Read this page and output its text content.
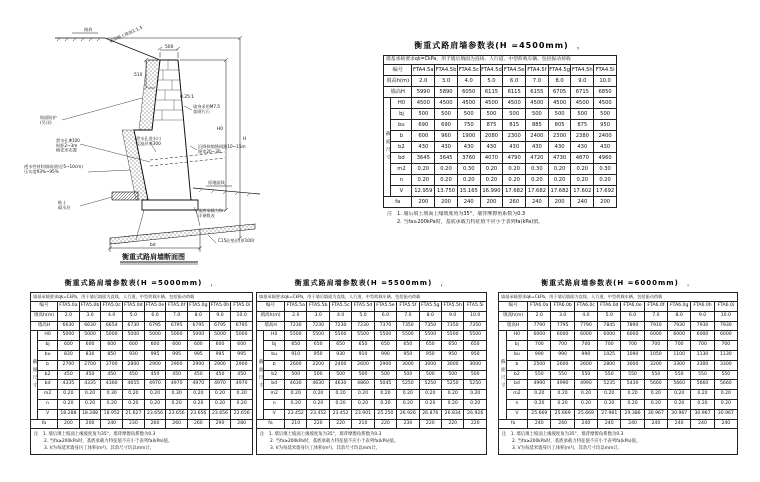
衡重式路肩墙断面图
路肩	墙顶填土坡面1:1.5
坡面防护(另详)
泄水孔Φ100 纵距2~3m 梅花形布置
透水性材料填筑(粒径5~10cm)压实度93%~95%
泄水孔进水口反滤层厚300
墙身采用M7.5 浆砌片石
沉降伸缩缝间距10~15m 缝宽20~30
原地面线
基底承载力fa 详参数表
粘土隔水层
C15砼垫层(厚100)
500
510
H0
H
bd
0.25:1
衡重式路肩墙参数表(H =4500mm) ，
墙基承载要求qk=CkPa，用于墙后填面为直线、人行道、中型荷载车辆、包括振动荷载										
编号		FTA4.5a	FTA4.5b	FTA4.5c	FTA4.5d	FTA4.5e	FTA4.5f	FTA4.5g	FTA4.5h	FTA4.5i
填高h(m)		2.0	3.0	4.0	5.0	6.0	7.0	8.0	9.0	10.0
墙高H		5990	5890	6050	6115	6115	6155	6705	6715	6850
截面尺寸	H0	4500	4500	4500	4500	4500	4500	4500	4500	4500
	bj	500	500	500	500	500	500	500	500	500
	bu	690	690	750	875	815	885	805	875	950
	b	600	960	1900	2080	2300	2400	2300	2380	2400
	b2	430	430	430	430	430	430	430	430	430
	bd	3645	3645	3760	4070	4790	4720	4730	4870	4960
	m2	0.20	0.20	0.30	0.20	0.20	0.30	0.20	0.20	0.30
	n	0.20	0.20	0.20	0.20	0.20	0.20	0.20	0.20	0.20
	V	12.959	13.750	15.165	16.990	17.682	17.682	17.682	17.602	17.692
fa		200	200	240	200	260	240	200	240	200
注　1. 墙后填土坡面上缘坡度角为35°，墙背摩擦角系数为0.3
2. 当fa≥200kPa时，基底承载力特征值不应小于表列fa(kPa)值。
衡重式路肩墙参数表(H =5000mm) ，
墙基承载要求qk=CkPa，用于墙后填面为直线、人行道、中型荷载车辆、包括振动荷载										
编号		FTA5.0a	FTA5.0b	FTA5.0c	FTA5.0d	FTA5.0e	FTA5.0f	FTA5.0g	FTA5.0h	FTA5.0i
填高h(m)		2.0	3.0	4.0	5.0	6.0	7.0	8.0	9.0	10.0
墙高H		6630	6630	6654	6730	6795	6795	6795	6795	6795
截面尺寸	H0	5000	5000	5000	5000	5000	5000	5000	5000	5000
	bj	600	600	600	600	600	600	600	600	600
	bu	830	830	850	930	995	995	995	995	995
	b	2700	2700	2700	2800	2900	2900	2900	2900	2900
	b2	450	450	450	450	450	450	450	450	450
	bd	4335	4335	4360	4655	4970	4970	4970	4970	4970
	m2	0.20	0.20	0.30	0.20	0.20	0.30	0.20	0.20	0.30
	n	0.20	0.20	0.20	0.20	0.20	0.20	0.20	0.20	0.20
	V	18.288	18.288	18.952	21.627	23.656	23.656	23.656	23.656	23.656
fa		200	200	240	230	260	260	260	290	280

注　1. 墙后填土坡面上缘坡度角为35°，墙背摩擦角系数为0.3
2. 当fa≥200kPa时，基底承载力特征值不应小于表列fa(kPa)值。
3. V为每延米墙身圬工体积(m³)，其余尺寸均以mm计。										
衡重式路肩墙参数表(H =5500mm) ，
墙基承载要求qk=CkPa，用于墙后填面为直线、人行道、中型荷载车辆、包括振动荷载										
编号		FTA5.5a	FTA5.5b	FTA5.5c	FTA5.5d	FTA5.5e	FTA5.5f	FTA5.5g	FTA5.5h	FTA5.5i
填高h(m)		2.0	3.0	4.0	5.0	6.0	7.0	8.0	9.0	10.0
墙高H		7230	7230	7230	7230	7370	7350	7350	7350	7350
截面尺寸	H0	5500	5500	5500	5500	5500	5500	5500	5500	5500
	bj	650	650	650	650	650	650	650	650	650
	bu	910	950	930	910	990	950	950	950	950
	b	2600	2200	2400	2600	2900	3000	3000	3000	3000
	b2	500	500	500	500	500	500	500	500	500
	bd	4630	4630	4630	4860	5045	5250	5250	5250	5250
	m2	0.20	0.20	0.20	0.20	0.20	0.20	0.20	0.20	0.20
	n	0.20	0.20	0.20	0.20	0.20	0.20	0.20	0.20	0.20
	V	23.452	23.452	23.452	23.901	25.250	26.926	26.876	26.834	26.926
fa		210	220	220	210	220	230	220	220	220

注　1. 墙后填土坡面上缘坡度角为35°，墙背摩擦角系数为0.3
2. 当fa≥200kPa时，基底承载力特征值不应小于表列fa(kPa)值。
3. V为每延米墙身圬工体积(m³)，其余尺寸均以mm计。										
衡重式路肩墙参数表(H =6000mm) ，
墙基承载要求qk=CkPa，用于墙后填面为直线、人行道、中型荷载车辆、包括振动荷载										
编号		FTA6.0a	FTA6.0b	FTA6.0c	FTA6.0d	FTA6.0e	FTA6.0f	FTA6.0g	FTA6.0h	FTA6.0i
填高h(m)		2.0	3.0	4.0	5.0	6.0	7.0	8.0	9.0	10.0
墙高H		7790	7795	7790	7845	7890	7910	7930	7930	7930
截面尺寸	H0	6000	6000	6000	6000	6000	6000	6000	6000	6000
	bj	700	700	700	700	700	700	700	700	700
	bu	990	990	990	1025	1090	1050	1100	1130	1130
	b	2500	2600	2600	2800	3000	3200	3300	3300	3300
	b2	550	550	550	550	550	550	550	550	550
	bd	4990	4990	4990	5235	5430	5660	5660	5660	5660
	m2	0.20	0.20	0.20	0.20	0.20	0.20	0.20	0.20	0.20
	n	0.20	0.20	0.20	0.20	0.20	0.20	0.20	0.20	0.20
	V	25.669	25.669	25.669	27.981	29.386	30.967	30.967	30.967	30.967
fa		240	240	240	240	240	240	240	240	240

注　1. 墙后填土坡面上缘坡度角为35°，墙背摩擦角系数为0.3
2. 当fa≥200kPa时，基底承载力特征值不应小于表列fa(kPa)值。
3. V为每延米墙身圬工体积(m³)，其余尺寸均以mm计。										
